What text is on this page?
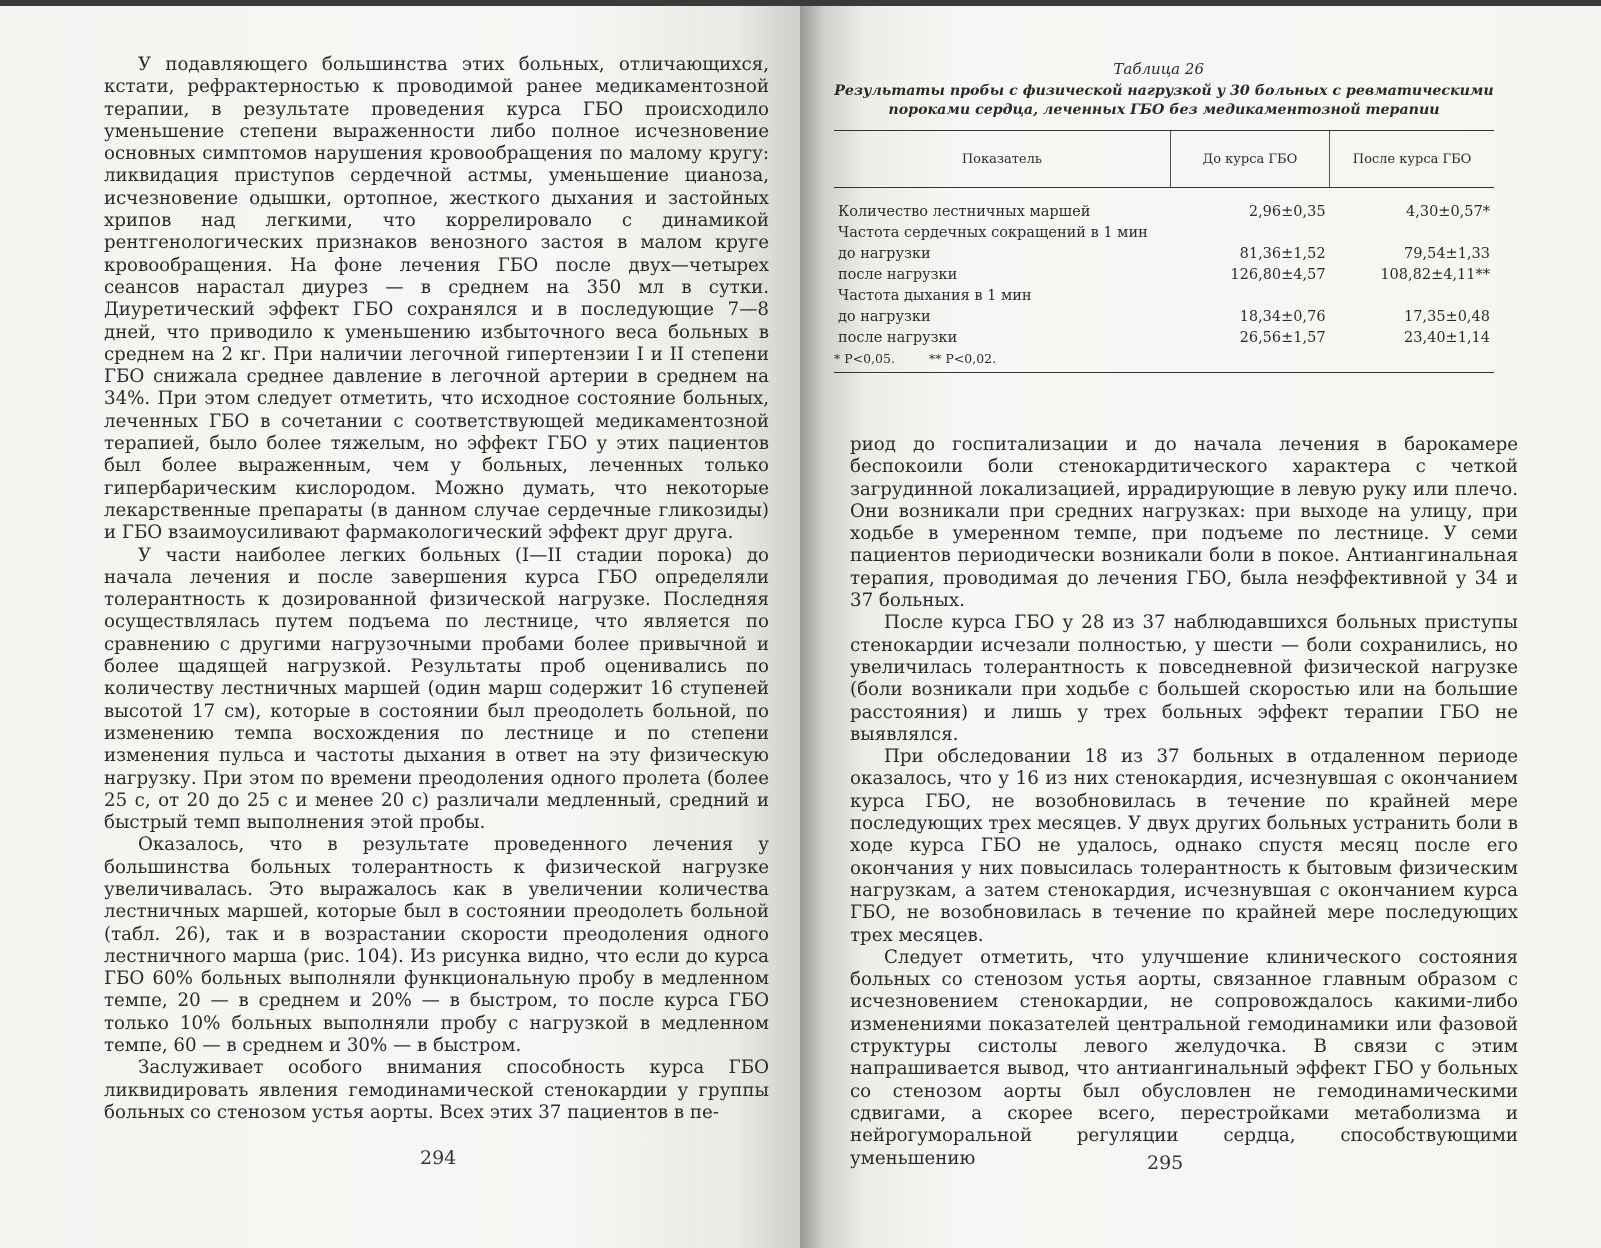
У подавляющего большинства этих больных, отличающихся, кстати, рефрактерностью к проводимой ранее медикаментозной терапии, в результате проведения курса ГБО происходило уменьшение степени выраженности либо полное исчезновение основных симптомов нарушения кровообращения по малому кругу: ликвидация приступов сердечной астмы, уменьшение цианоза, исчезновение одышки, ортопное, жесткого дыхания и застойных хрипов над легкими, что коррелировало с динамикой рентгенологических признаков венозного застоя в малом круге кровообращения. На фоне лечения ГБО после двух—четырех сеансов нарастал диурез — в среднем на 350 мл в сутки. Диуретический эффект ГБО сохранялся и в последующие 7—8 дней, что приводило к уменьшению избыточного веса больных в среднем на 2 кг. При наличии легочной гипертензии I и II степени ГБО снижала среднее давление в легочной артерии в среднем на 34%. При этом следует отметить, что исходное состояние больных, леченных ГБО в сочетании с соответствующей медикаментозной терапией, было более тяжелым, но эффект ГБО у этих пациентов был более выраженным, чем у больных, леченных только гипербарическим кислородом. Можно думать, что некоторые лекарственные препараты (в данном случае сердечные гликозиды) и ГБО взаимоусиливают фармакологический эффект друг друга.

У части наиболее легких больных (I—II стадии порока) до начала лечения и после завершения курса ГБО определяли толерантность к дозированной физической нагрузке. Последняя осуществлялась путем подъема по лестнице, что является по сравнению с другими нагрузочными пробами более привычной и более щадящей нагрузкой. Результаты проб оценивались по количеству лестничных маршей (один марш содержит 16 ступеней высотой 17 см), которые в состоянии был преодолеть больной, по изменению темпа восхождения по лестнице и по степени изменения пульса и частоты дыхания в ответ на эту физическую нагрузку. При этом по времени преодоления одного пролета (более 25 с, от 20 до 25 с и менее 20 с) различали медленный, средний и быстрый темп выполнения этой пробы.

Оказалось, что в результате проведенного лечения у большинства больных толерантность к физической нагрузке увеличивалась. Это выражалось как в увеличении количества лестничных маршей, которые был в состоянии преодолеть больной (табл. 26), так и в возрастании скорости преодоления одного лестничного марша (рис. 104). Из рисунка видно, что если до курса ГБО 60% больных выполняли функциональную пробу в медленном темпе, 20 — в среднем и 20% — в быстром, то после курса ГБО только 10% больных выполняли пробу с нагрузкой в медленном темпе, 60 — в среднем и 30% — в быстром.

Заслуживает особого внимания способность курса ГБО ликвидировать явления гемодинамической стенокардии у группы больных со стенозом устья аорты. Всех этих 37 пациентов в пе-

294
Таблица 26
Результаты пробы с физической нагрузкой у 30 больных с ревматическими пороками сердца, леченных ГБО без медикаментозной терапии
Показатель	До курса ГБО	После курса ГБО
Количество лестничных маршей	2,96±0,35	4,30±0,57*
Частота сердечных сокращений в 1 мин		
до нагрузки	81,36±1,52	79,54±1,33
после нагрузки	126,80±4,57	108,82±4,11**
Частота дыхания в 1 мин		
до нагрузки	18,34±0,76	17,35±0,48
после нагрузки	26,56±1,57	23,40±1,14
* P<0,05.	** P<0,02.

риод до госпитализации и до начала лечения в барокамере беспокоили боли стенокардитического характера с четкой загрудинной локализацией, иррадирующие в левую руку или плечо. Они возникали при средних нагрузках: при выходе на улицу, при ходьбе в умеренном темпе, при подъеме по лестнице. У семи пациентов периодически возникали боли в покое. Антиангинальная терапия, проводимая до лечения ГБО, была неэффективной у 34 и 37 больных.

После курса ГБО у 28 из 37 наблюдавшихся больных приступы стенокардии исчезали полностью, у шести — боли сохранились, но увеличилась толерантность к повседневной физической нагрузке (боли возникали при ходьбе с большей скоростью или на большие расстояния) и лишь у трех больных эффект терапии ГБО не выявлялся.

При обследовании 18 из 37 больных в отдаленном периоде оказалось, что у 16 из них стенокардия, исчезнувшая с окончанием курса ГБО, не возобновилась в течение по крайней мере последующих трех месяцев. У двух других больных устранить боли в ходе курса ГБО не удалось, однако спустя месяц после его окончания у них повысилась толерантность к бытовым физическим нагрузкам, а затем стенокардия, исчезнувшая с окончанием курса ГБО, не возобновилась в течение по крайней мере последующих трех месяцев.

Следует отметить, что улучшение клинического состояния больных со стенозом устья аорты, связанное главным образом с исчезновением стенокардии, не сопровождалось какими-либо изменениями показателей центральной гемодинамики или фазовой структуры систолы левого желудочка. В связи с этим напрашивается вывод, что антиангинальный эффект ГБО у больных со стенозом аорты был обусловлен не гемодинамическими сдвигами, а скорее всего, перестройками метаболизма и нейрогуморальной регуляции сердца, способствующими уменьшению	295
